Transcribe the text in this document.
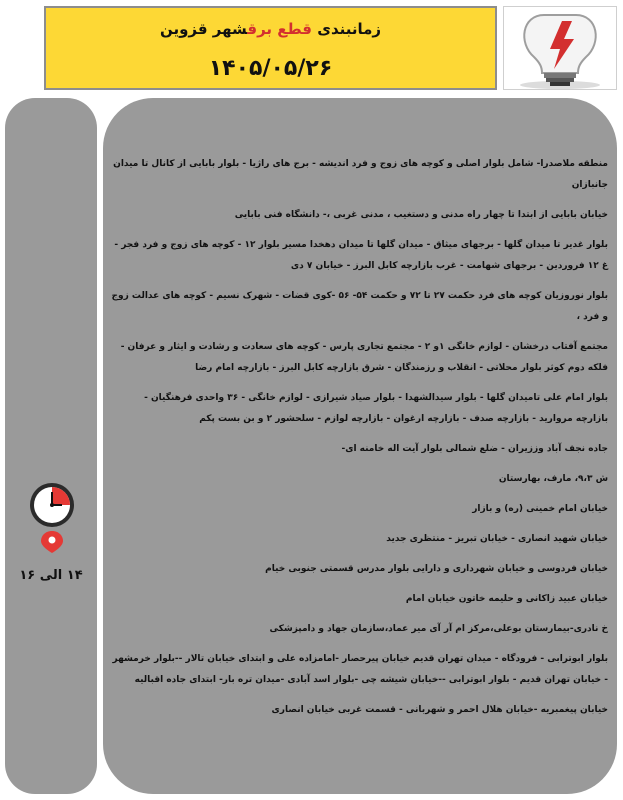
زمانبندی قطع برقشهر قزوین
۱۴۰۵/۰۵/۲۶
۱۴ الی ۱۶

منطقه ملاصدرا- شامل بلوار اصلی و کوچه های زوج و فرد اندیشه - برج های راژیا - بلوار بابایی از کانال تا میدان جانبازان

خیابان بابایی از ابتدا تا چهار راه مدنی و دستغیب ، مدنی غربی ،- دانشگاه فنی بابایی

بلوار غدیر تا میدان گلها - برجهای میثاق - میدان گلها تا میدان دهخدا مسیر بلوار ۱۲ - کوچه های زوج و فرد فجر - غ ۱۲ فروردین - برجهای شهامت - غرب بازارچه کابل البرز - خیابان ۷ دی

بلوار نوروزیان کوچه های فرد حکمت ۲۷ تا ۷۲ و حکمت ۵۴- ۵۶ -کوی قضات - شهرک نسیم - کوچه های عدالت زوج و فرد ،

مجتمع آفتاب درخشان - لوازم خانگی ۱و ۲ - مجتمع تجاری پارس - کوچه های سعادت و رشادت و ایثار و عرفان - فلکه دوم کوثر بلوار محلاتی - انقلاب و رزمندگان - شرق بازارچه کابل البرز - بازارچه امام رضا

بلوار امام علی تامیدان گلها - بلوار سیدالشهدا - بلوار صیاد شیرازی - لوازم خانگی - ۳۶ واحدی فرهنگیان - بازارچه مروارید - بازارچه صدف - بازارچه ارغوان - بازارچه لوازم - سلحشور ۲ و بن بست پکم

جاده نجف آباد وززیران - ضلع شمالی بلوار آیت اله خامنه ای-

ش ۹،۳، مارف، بهارستان

خیابان امام خمینی (ره) و بازار

خیابان شهید انصاری - خیابان تبریز - منتظری جدید

خیابان فردوسی و خیابان شهرداری و دارایی بلوار مدرس قسمتی جنوبی خیام

خیابان عبید زاکانی و حلیمه خاتون خیابان امام

خ نادری-بیمارستان بوعلی،مرکز ام آر آی میر عماد،سازمان جهاد و دامپزشکی

بلوار ابوترابی - فرودگاه - میدان تهران قدیم خیابان پیرحصار -امامزاده علی و ابتدای خیابان تالار --بلوار خرمشهر - خیابان تهران قدیم - بلوار ابوترابی --خیابان شیشه چی -بلوار اسد آبادی -میدان تره بار- ابتدای جاده اقبالیه

خیابان پیغمبریه -خیابان هلال احمر و شهربانی - قسمت غربی خیابان انصاری
